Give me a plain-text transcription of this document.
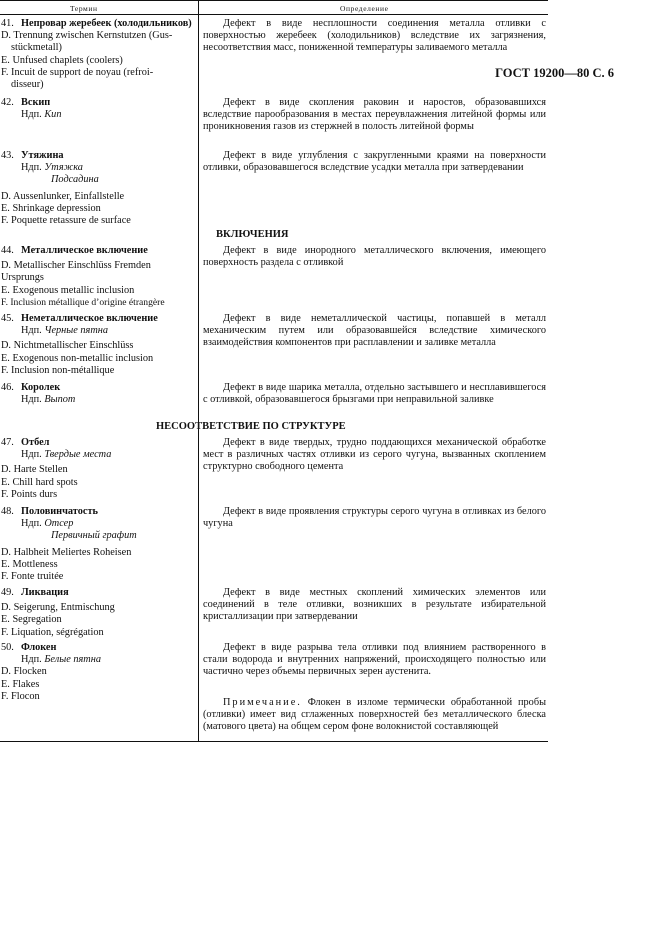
ГОСТ 19200—80 С. 6
Термин	Определение
41. Непровар жеребеек (холодильников)
D. Trennung zwischen Kernstutzen (Gus-
stückmetall)
E. Unfused chaplets (coolers)
F. Incuit de support de noyau (refroi-
disseur)
Дефект в виде несплошности соединения металла отливки с поверхностью жеребеек (холодильников) вследствие их загрязнения, несоответствия масс, пониженной температуры заливаемого металла
42. Вскип
Ндп. Кип
Дефект в виде скопления раковин и наростов, образовавшихся вследствие парообразования в местах переувлажнения литейной формы или проникновения газов из стержней в полость литейной формы
43. Утяжина
Ндп. Утяжка
Подсадина
D. Aussenlunker, Einfallstelle
E. Shrinkage depression
F. Poquette retassure de surface
Дефект в виде углубления с закругленными краями на поверхности отливки, образовавшегося вследствие усадки металла при затвердевании
ВКЛЮЧЕНИЯ
44. Металлическое включение
D. Metallischer Einschlüss Fremden
Ursprungs
E. Exogenous metallic inclusion
F. Inclusion métallique d’origine étrangère
Дефект в виде инородного металлического включения, имеющего поверхность раздела с отливкой
45. Неметаллическое включение
Ндп. Черные пятна
D. Nichtmetallischer Einschlüss
E. Exogenous non-metallic inclusion
F. Inclusion non-métallique
Дефект в виде неметаллической частицы, попавшей в металл механическим путем или образовавшейся вследствие химического взаимодействия компонентов при расплавлении и заливке металла
46. Королек
Ндп. Выпот
Дефект в виде шарика металла, отдельно застывшего и несплавившегося с отливкой, образовавшегося брызгами при неправильной заливке
НЕСООТВЕТСТВИЕ ПО СТРУКТУРЕ
47. Отбел
Ндп. Твердые места
D. Harte Stellen
E. Chill hard spots
F. Points durs
Дефект в виде твердых, трудно поддающихся механической обработке мест в различных частях отливки из серого чугуна, вызванных скоплением структурно свободного цемента
48. Половинчатость
Ндп. Отсер
Первичный графит
D. Halbheit Meliertes Roheisen
E. Mottleness
F. Fonte truitée
Дефект в виде проявления структуры серого чугуна в отливках из белого чугуна
49. Ликвация
D. Seigerung, Entmischung
E. Segregation
F. Liquation, ségrégation
Дефект в виде местных скоплений химических элементов или соединений в теле отливки, возникших в результате избирательной кристаллизации при затвердевании
50. Флокен
Ндп. Белые пятна
D. Flocken
E. Flakes
F. Flocon
Дефект в виде разрыва тела отливки под влиянием растворенного в стали водорода и внутренних напряжений, происходящего полностью или частично через объемы первичных зерен аустенита.
Примечание. Флокен в изломе термически обработанной пробы (отливки) имеет вид сглаженных поверхностей без металлического блеска (матового цвета) на общем сером фоне волокнистой составляющей
